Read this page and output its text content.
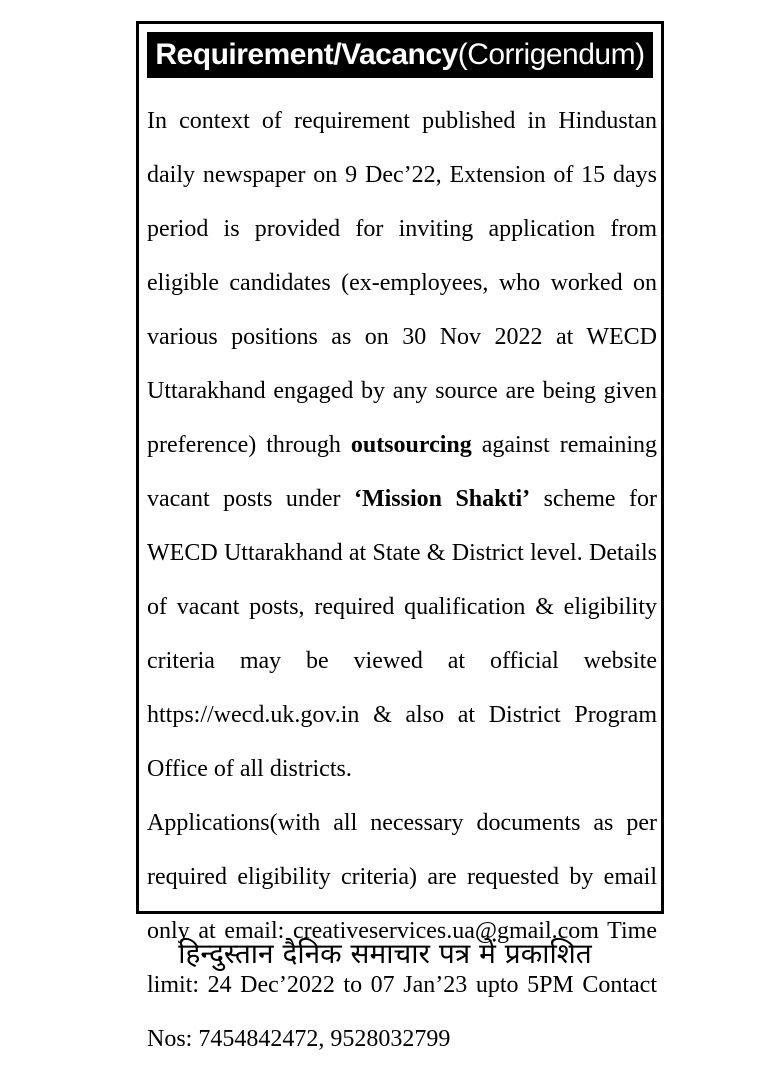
Requirement/Vacancy(Corrigendum)

In context of requirement published in Hindustan daily newspaper on 9 Dec’22, Extension of 15 days period is provided for inviting application from eligible candidates (ex-employees, who worked on various positions as on 30 Nov 2022 at WECD Uttarakhand engaged by any source are being given preference) through outsourcing against remaining vacant posts under ‘Mission Shakti’ scheme for WECD Uttarakhand at State & District level. Details of vacant posts, required qualification & eligibility criteria may be viewed at official website https://wecd.uk.gov.in & also at District Program Office of all districts.

Applications(with all necessary documents as per required eligibility criteria) are requested by email only at email: creativeservices.ua@gmail.com Time limit: 24 Dec’2022 to 07 Jan’23 upto 5PM Contact Nos: 7454842472, 9528032799

हिन्दुस्तान दैनिक समाचार पत्र में प्रकाशित
